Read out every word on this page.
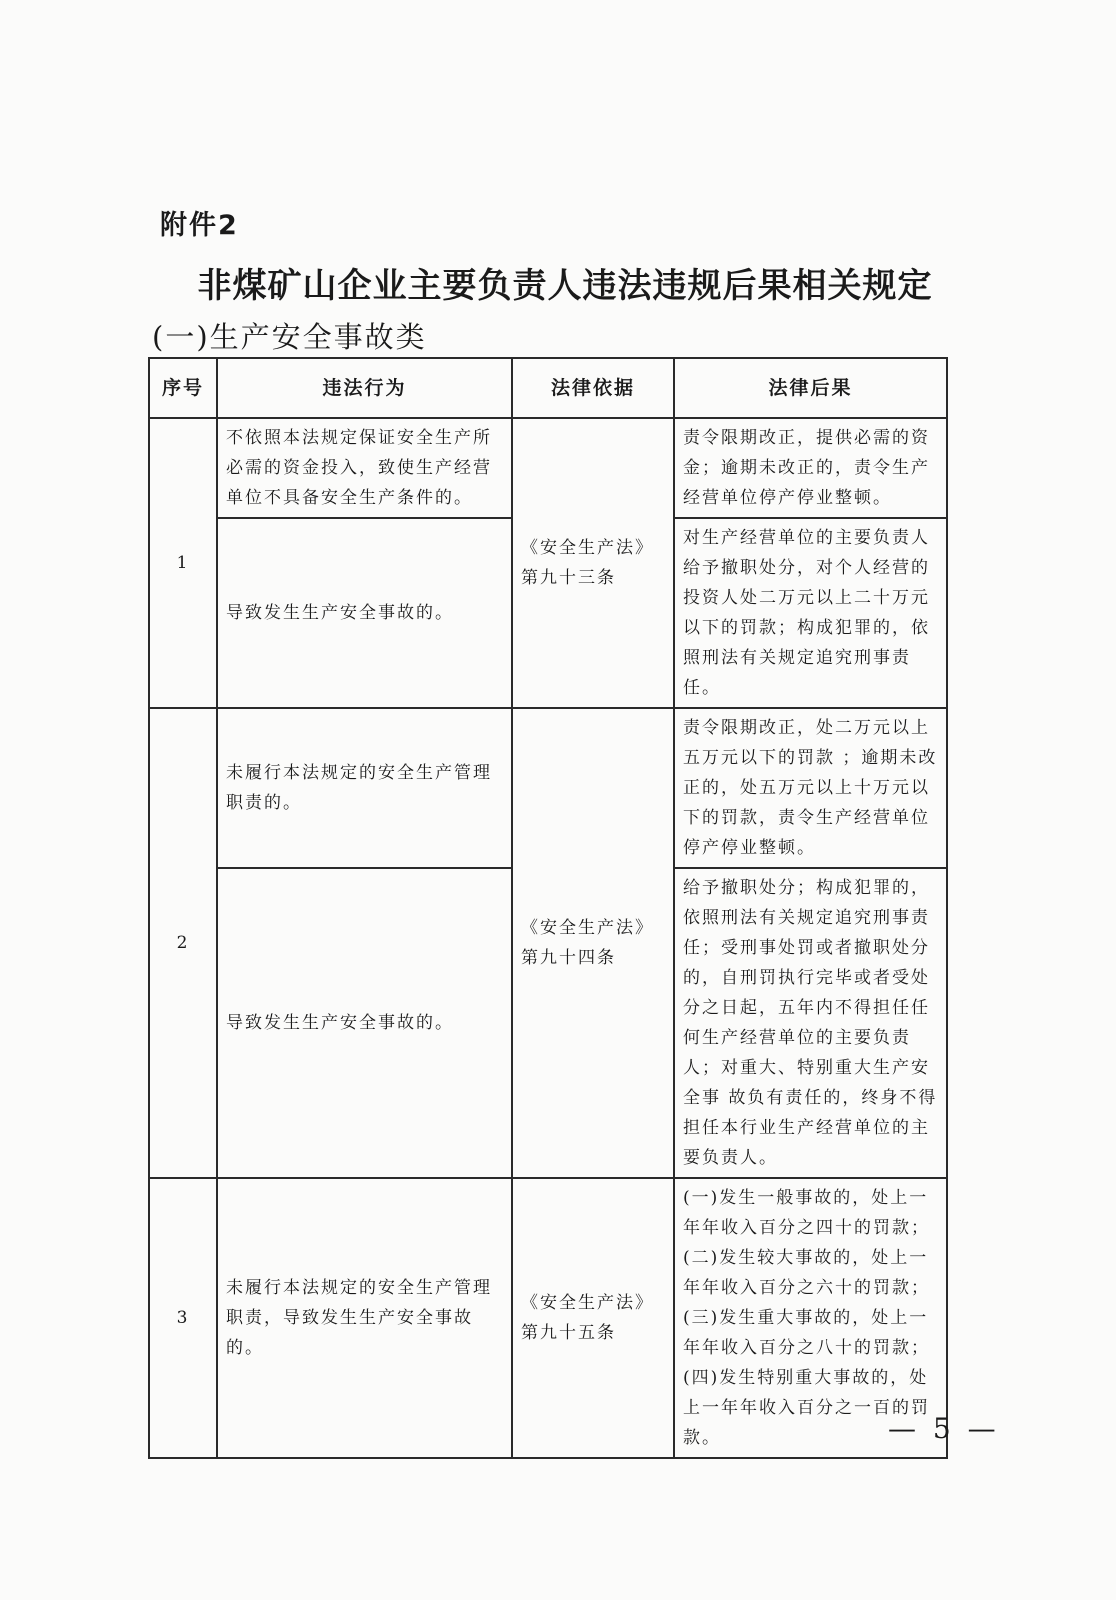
附件2
非煤矿山企业主要负责人违法违规后果相关规定
(一)生产安全事故类
序号	违法行为	法律依据	法律后果
1	不依照本法规定保证安全生产所必需的资金投入，致使生产经营单位不具备安全生产条件的。	《安全生产法》第九十三条	责令限期改正，提供必需的资金；逾期未改正的，责令生产经营单位停产停业整顿。
	导致发生生产安全事故的。		对生产经营单位的主要负责人给予撤职处分，对个人经营的投资人处二万元以上二十万元以下的罚款；构成犯罪的，依照刑法有关规定追究刑事责任。
2	未履行本法规定的安全生产管理职责的。	《安全生产法》第九十四条	责令限期改正，处二万元以上五万元以下的罚款 ；逾期未改正的，处五万元以上十万元以下的罚款，责令生产经营单位停产停业整顿。
	导致发生生产安全事故的。		给予撤职处分；构成犯罪的，依照刑法有关规定追究刑事责任；受刑事处罚或者撤职处分的，自刑罚执行完毕或者受处分之日起，五年内不得担任任何生产经营单位的主要负责人；对重大、特别重大生产安全事 故负有责任的，终身不得担任本行业生产经营单位的主要负责人。
3	未履行本法规定的安全生产管理职责，导致发生生产安全事故的。	《安全生产法》第九十五条	(一)发生一般事故的，处上一年年收入百分之四十的罚款；(二)发生较大事故的，处上一年年收入百分之六十的罚款；(三)发生重大事故的，处上一年年收入百分之八十的罚款；(四)发生特别重大事故的，处上一年年收入百分之一百的罚款。	— 5 —
